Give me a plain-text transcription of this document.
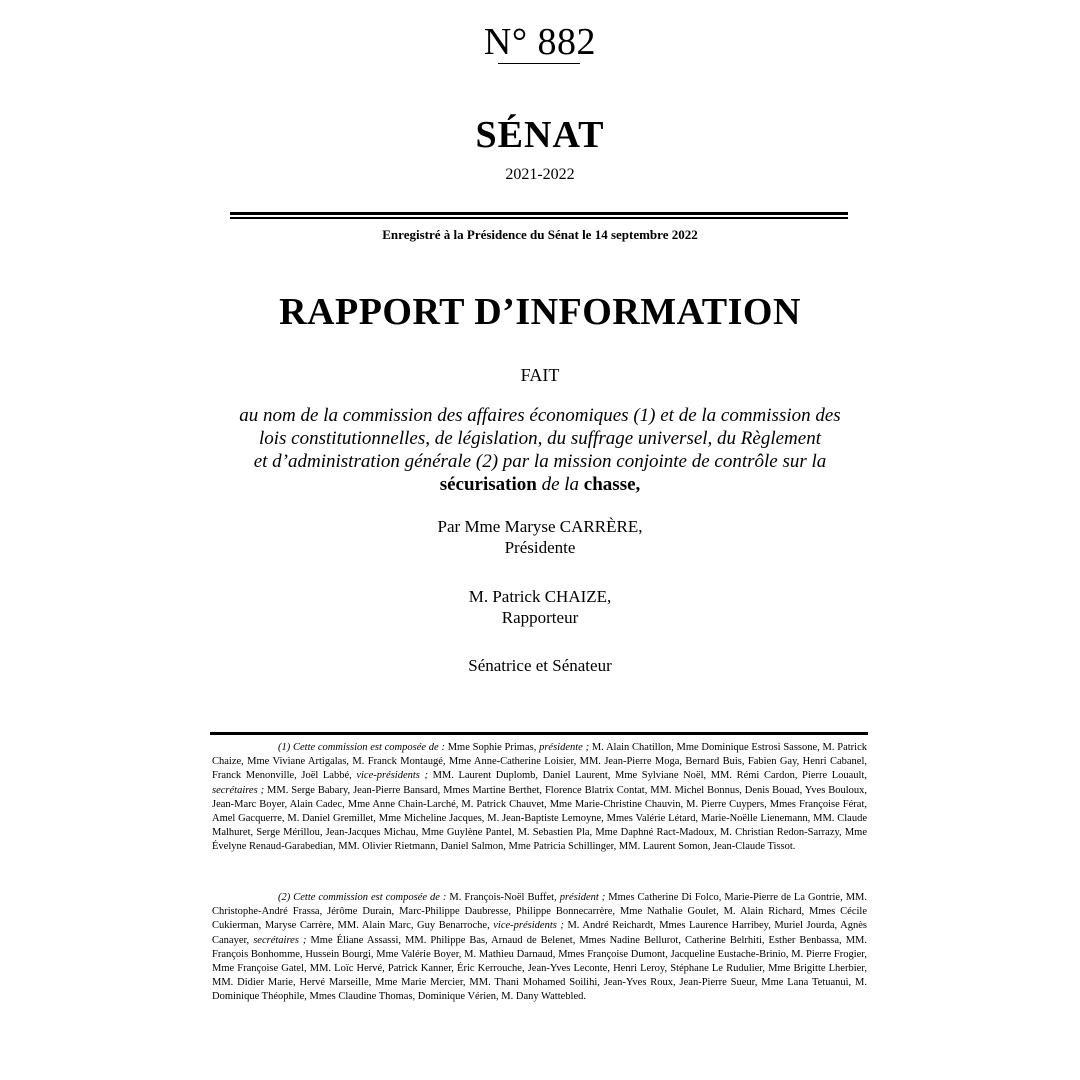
N° 882
SÉNAT
2021-2022
Enregistré à la Présidence du Sénat le 14 septembre 2022
RAPPORT D’INFORMATION
FAIT
au nom de la commission des affaires économiques (1) et de la commission des
lois constitutionnelles, de législation, du suffrage universel, du Règlement
et d’administration générale (2) par la mission conjointe de contrôle sur la
sécurisation de la chasse,
Par Mme Maryse CARRÈRE,
Présidente
M. Patrick CHAIZE,
Rapporteur
Sénatrice et Sénateur
(1) Cette commission est composée de : Mme Sophie Primas, présidente ; M. Alain Chatillon, Mme Dominique Estrosi Sassone, M. Patrick Chaize, Mme Viviane Artigalas, M. Franck Montaugé, Mme Anne-Catherine Loisier, MM. Jean-Pierre Moga, Bernard Buis, Fabien Gay, Henri Cabanel, Franck Menonville, Joël Labbé, vice-présidents ; MM. Laurent Duplomb, Daniel Laurent, Mme Sylviane Noël, MM. Rémi Cardon, Pierre Louault, secrétaires ; MM. Serge Babary, Jean-Pierre Bansard, Mmes Martine Berthet, Florence Blatrix Contat, MM. Michel Bonnus, Denis Bouad, Yves Bouloux, Jean-Marc Boyer, Alain Cadec, Mme Anne Chain-Larché, M. Patrick Chauvet, Mme Marie-Christine Chauvin, M. Pierre Cuypers, Mmes Françoise Férat, Amel Gacquerre, M. Daniel Gremillet, Mme Micheline Jacques, M. Jean-Baptiste Lemoyne, Mmes Valérie Létard, Marie-Noëlle Lienemann, MM. Claude Malhuret, Serge Mérillou, Jean-Jacques Michau, Mme Guylène Pantel, M. Sebastien Pla, Mme Daphné Ract-Madoux, M. Christian Redon-Sarrazy, Mme Évelyne Renaud-Garabedian, MM. Olivier Rietmann, Daniel Salmon, Mme Patricia Schillinger, MM. Laurent Somon, Jean-Claude Tissot.
(2) Cette commission est composée de : M. François-Noël Buffet, président ; Mmes Catherine Di Folco, Marie-Pierre de La Gontrie, MM. Christophe-André Frassa, Jérôme Durain, Marc-Philippe Daubresse, Philippe Bonnecarrère, Mme Nathalie Goulet, M. Alain Richard, Mmes Cécile Cukierman, Maryse Carrère, MM. Alain Marc, Guy Benarroche, vice-présidents ; M. André Reichardt, Mmes Laurence Harribey, Muriel Jourda, Agnès Canayer, secrétaires ; Mme Éliane Assassi, MM. Philippe Bas, Arnaud de Belenet, Mmes Nadine Bellurot, Catherine Belrhiti, Esther Benbassa, MM. François Bonhomme, Hussein Bourgi, Mme Valérie Boyer, M. Mathieu Darnaud, Mmes Françoise Dumont, Jacqueline Eustache-Brinio, M. Pierre Frogier, Mme Françoise Gatel, MM. Loïc Hervé, Patrick Kanner, Éric Kerrouche, Jean-Yves Leconte, Henri Leroy, Stéphane Le Rudulier, Mme Brigitte Lherbier, MM. Didier Marie, Hervé Marseille, Mme Marie Mercier, MM. Thani Mohamed Soilihi, Jean-Yves Roux, Jean-Pierre Sueur, Mme Lana Tetuanui, M. Dominique Théophile, Mmes Claudine Thomas, Dominique Vérien, M. Dany Wattebled.
